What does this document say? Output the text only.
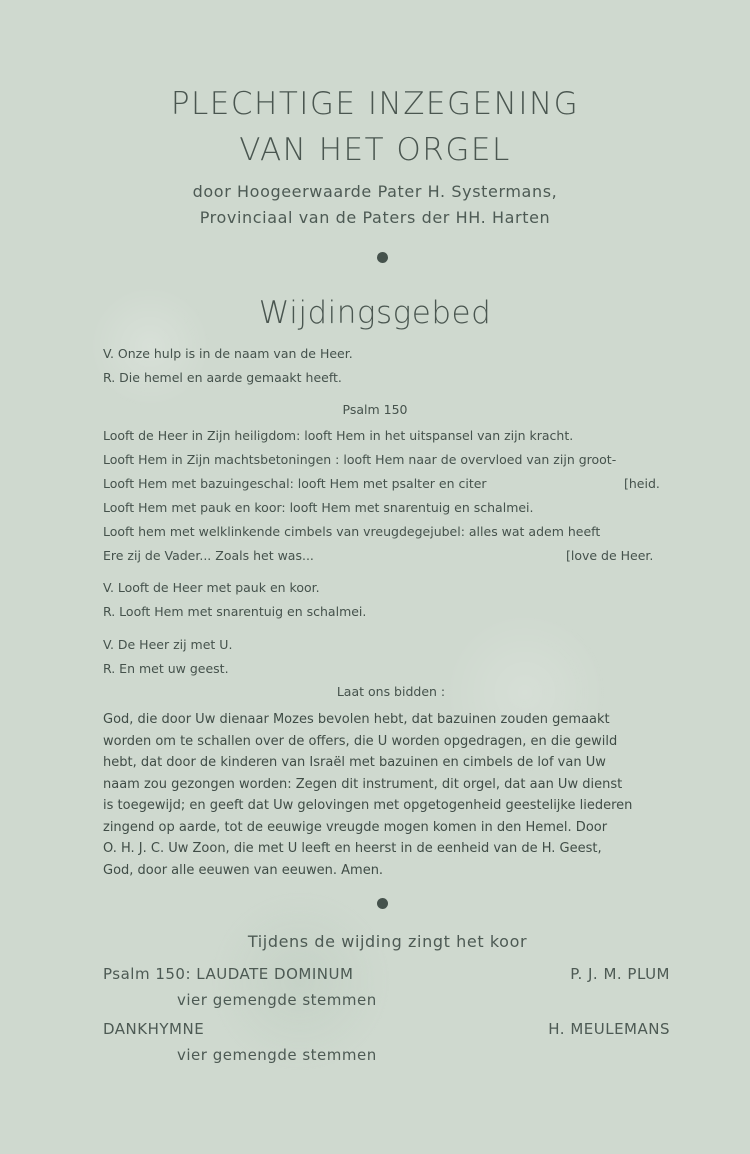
PLECHTIGE INZEGENING
VAN HET ORGEL
door Hoogeerwaarde Pater H. Systermans,
Provinciaal van de Paters der HH. Harten
Wijdingsgebed
V. Onze hulp is in de naam van de Heer.
R. Die hemel en aarde gemaakt heeft.
Psalm 150
Looft de Heer in Zijn heiligdom: looft Hem in het uitspansel van zijn kracht.
Looft Hem in Zijn machtsbetoningen : looft Hem naar de overvloed van zijn groot-
Looft Hem met bazuingeschal: looft Hem met psalter en citer	[heid.
Looft Hem met pauk en koor: looft Hem met snarentuig en schalmei.
Looft hem met welklinkende cimbels van vreugdegejubel: alles wat adem heeft
Ere zij de Vader... Zoals het was...	[love de Heer.
V. Looft de Heer met pauk en koor.
R. Looft Hem met snarentuig en schalmei.
V. De Heer zij met U.
R. En met uw geest.
Laat ons bidden :
God, die door Uw dienaar Mozes bevolen hebt, dat bazuinen zouden gemaakt
worden om te schallen over de offers, die U worden opgedragen, en die gewild
hebt, dat door de kinderen van Israël met bazuinen en cimbels de lof van Uw
naam zou gezongen worden: Zegen dit instrument, dit orgel, dat aan Uw dienst
is toegewijd; en geeft dat Uw gelovingen met opgetogenheid geestelijke liederen
zingend op aarde, tot de eeuwige vreugde mogen komen in den Hemel. Door
O. H. J. C. Uw Zoon, die met U leeft en heerst in de eenheid van de H. Geest,
God, door alle eeuwen van eeuwen. Amen.
Tijdens de wijding zingt het koor
Psalm 150: LAUDATE DOMINUM	P. J. M. PLUM
vier gemengde stemmen
DANKHYMNE	H. MEULEMANS
vier gemengde stemmen
